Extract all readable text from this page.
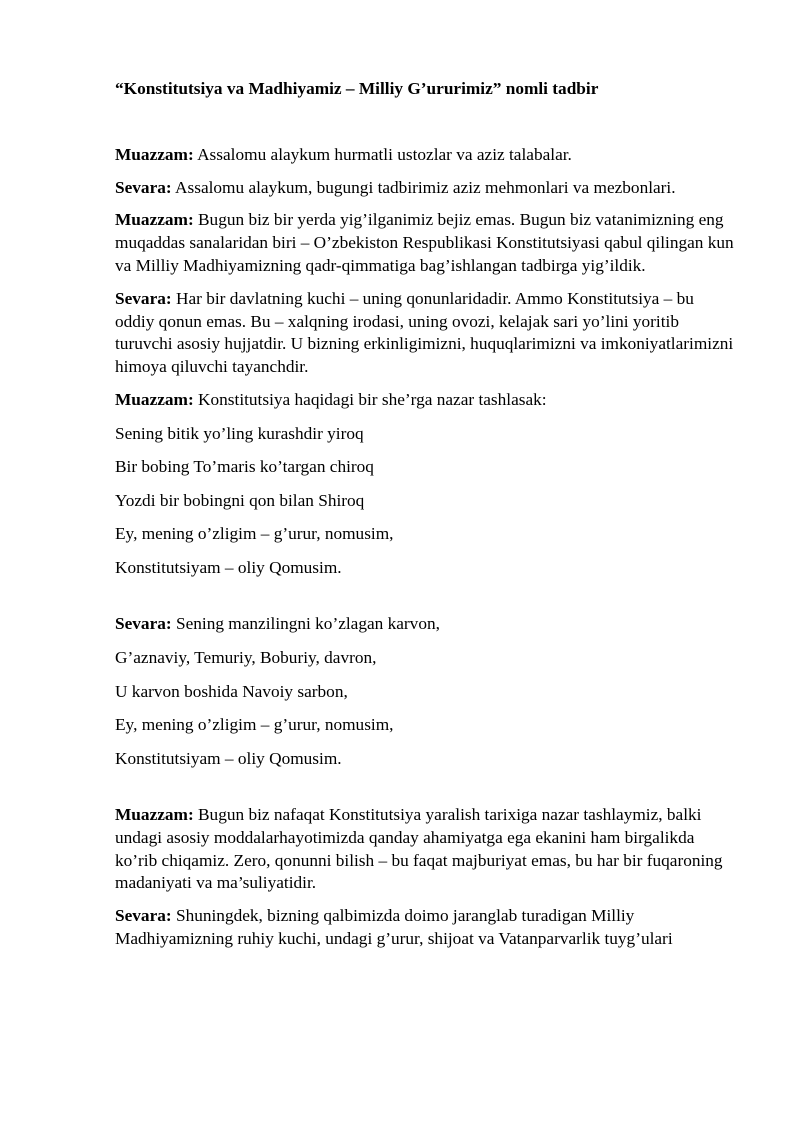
“Konstitutsiya va Madhiyamiz – Milliy G’ururimiz” nomli tadbir

Muazzam: Assalomu alaykum hurmatli ustozlar va aziz talabalar.

Sevara: Assalomu alaykum, bugungi tadbirimiz aziz mehmonlari va mezbonlari.

Muazzam: Bugun biz bir yerda yig’ilganimiz bejiz emas. Bugun biz vatanimizning eng muqaddas sanalaridan biri – O’zbekiston Respublikasi Konstitutsiyasi qabul qilingan kun va Milliy Madhiyamizning qadr-qimmatiga bag’ishlangan tadbirga yig’ildik.

Sevara: Har bir davlatning kuchi – uning qonunlaridadir. Ammo Konstitutsiya – bu oddiy qonun emas. Bu – xalqning irodasi, uning ovozi, kelajak sari yo’lini yoritib turuvchi asosiy hujjatdir. U bizning erkinligimizni, huquqlarimizni va imkoniyatlarimizni himoya qiluvchi tayanchdir.

Muazzam: Konstitutsiya haqidagi bir she’rga nazar tashlasak:

Sening bitik yo’ling kurashdir yiroq

Bir bobing To’maris ko’targan chiroq

Yozdi bir bobingni qon bilan Shiroq

Ey, mening o’zligim – g’urur, nomusim,

Konstitutsiyam – oliy Qomusim.

Sevara: Sening manzilingni ko’zlagan karvon,

G’aznaviy, Temuriy, Boburiy, davron,

U karvon boshida Navoiy sarbon,

Ey, mening o’zligim – g’urur, nomusim,

Konstitutsiyam – oliy Qomusim.

Muazzam: Bugun biz nafaqat Konstitutsiya yaralish tarixiga nazar tashlaymiz, balki undagi asosiy moddalarhayotimizda qanday ahamiyatga ega ekanini ham birgalikda ko’rib chiqamiz. Zero, qonunni bilish – bu faqat majburiyat emas, bu har bir fuqaroning madaniyati va ma’suliyatidir.

Sevara: Shuningdek, bizning qalbimizda doimo jaranglab turadigan Milliy Madhiyamizning ruhiy kuchi, undagi g’urur, shijoat va Vatanparvarlik tuyg’ulari
